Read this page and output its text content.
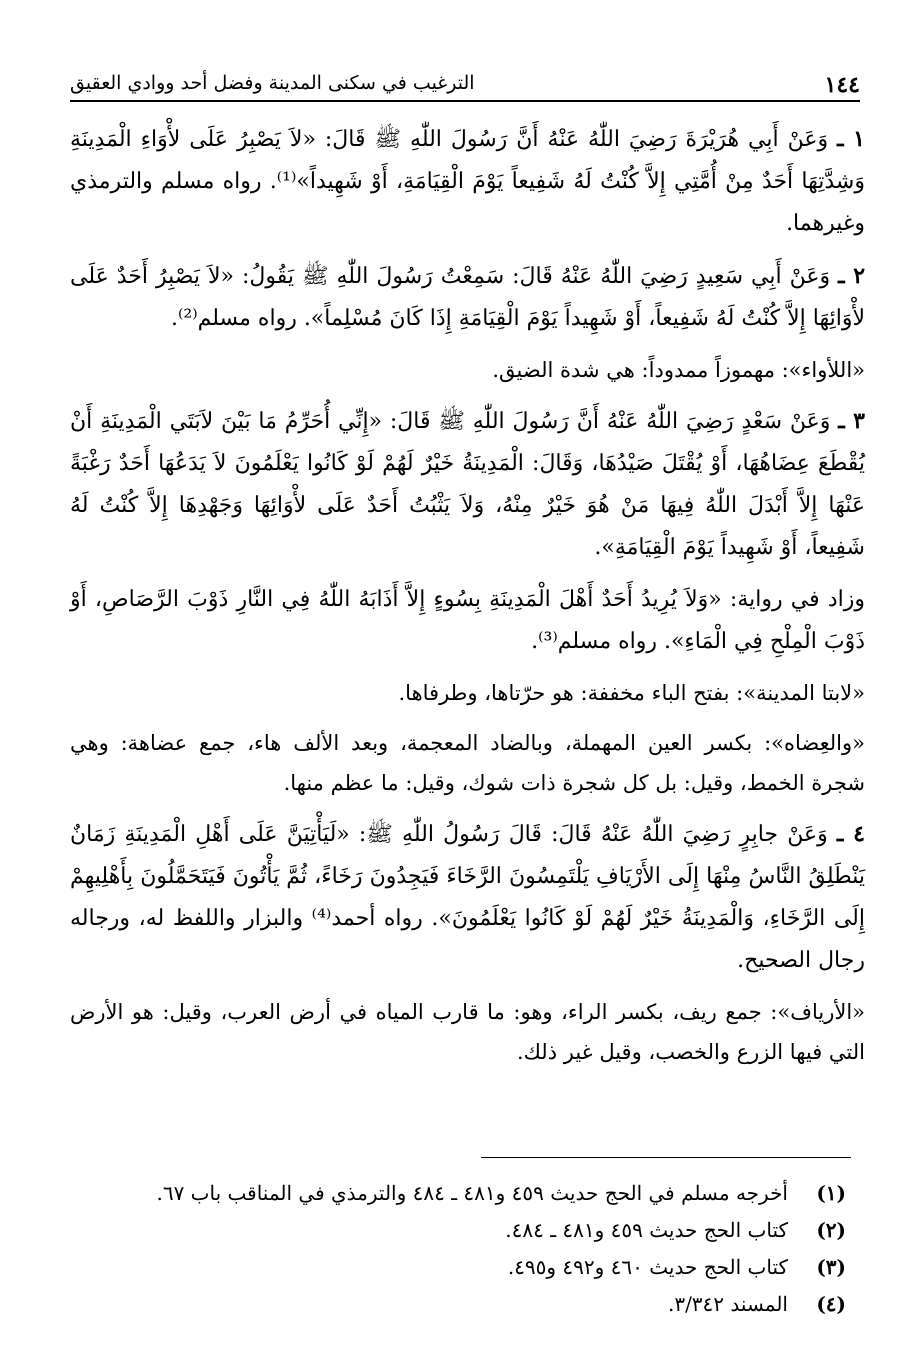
١٤٤
الترغيب في سكنى المدينة وفضل أحد ووادي العقيق

١ ـ وَعَنْ أَبِي هُرَيْرَةَ رَضِيَ اللّٰهُ عَنْهُ أَنَّ رَسُولَ اللّٰهِ ﷺ قَالَ: «لاَ يَصْبِرُ عَلَى لأْوَاءِ الْمَدِينَةِ وَشِدَّتِهَا أَحَدٌ مِنْ أُمَّتِي إِلاَّ كُنْتُ لَهُ شَفِيعاً يَوْمَ الْقِيَامَةِ، أَوْ شَهِيداً»⁽¹⁾. رواه مسلم والترمذي وغيرهما.

٢ ـ وَعَنْ أَبِي سَعِيدٍ رَضِيَ اللّٰهُ عَنْهُ قَالَ: سَمِعْتُ رَسُولَ اللّٰهِ ﷺ يَقُولُ: «لاَ يَصْبِرُ أَحَدٌ عَلَى لأْوَائِهَا إِلاَّ كُنْتُ لَهُ شَفِيعاً، أَوْ شَهِيداً يَوْمَ الْقِيَامَةِ إِذَا كَانَ مُسْلِماً». رواه مسلم⁽²⁾.

«اللأواء»: مهموزاً ممدوداً: هي شدة الضيق.

٣ ـ وَعَنْ سَعْدٍ رَضِيَ اللّٰهُ عَنْهُ أَنَّ رَسُولَ اللّٰهِ ﷺ قَالَ: «إِنِّي أُحَرِّمُ مَا بَيْنَ لاَبَتَي الْمَدِينَةِ أَنْ يُقْطَعَ عِضَاهُهَا، أَوْ يُقْتَلَ صَيْدُهَا، وَقَالَ: الْمَدِينَةُ خَيْرٌ لَهُمْ لَوْ كَانُوا يَعْلَمُونَ لاَ يَدَعُهَا أَحَدٌ رَغْبَةً عَنْهَا إِلاَّ أَبْدَلَ اللّٰهُ فِيهَا مَنْ هُوَ خَيْرٌ مِنْهُ، وَلاَ يَثْبُتُ أَحَدٌ عَلَى لأْوَائِهَا وَجَهْدِهَا إِلاَّ كُنْتُ لَهُ شَفِيعاً، أَوْ شَهِيداً يَوْمَ الْقِيَامَةِ».

وزاد في رواية: «وَلاَ يُرِيدُ أَحَدٌ أَهْلَ الْمَدِينَةِ بِسُوءٍ إِلاَّ أَذَابَهُ اللّٰهُ فِي النَّارِ ذَوْبَ الرَّصَاصِ، أَوْ ذَوْبَ الْمِلْحِ فِي الْمَاءِ». رواه مسلم⁽³⁾.

«لابتا المدينة»: بفتح الباء مخففة: هو حرّتاها، وطرفاها.

«والعِضاه»: بكسر العين المهملة، وبالضاد المعجمة، وبعد الألف هاء، جمع عضاهة: وهي شجرة الخمط، وقيل: بل كل شجرة ذات شوك، وقيل: ما عظم منها.

٤ ـ وَعَنْ جابِرٍ رَضِيَ اللّٰهُ عَنْهُ قَالَ: قَالَ رَسُولُ اللّٰهِ ﷺ: «لَيَأْتِيَنَّ عَلَى أَهْلِ الْمَدِينَةِ زَمَانٌ يَنْطَلِقُ النَّاسُ مِنْهَا إِلَى الأَرْيَافِ يَلْتَمِسُونَ الرَّخَاءَ فَيَجِدُونَ رَخَاءً، ثُمَّ يَأْتُونَ فَيَتَحَمَّلُونَ بِأَهْلِيهِمْ إِلَى الرَّخَاءِ، وَالْمَدِينَةُ خَيْرٌ لَهُمْ لَوْ كَانُوا يَعْلَمُونَ». رواه أحمد⁽⁴⁾ والبزار واللفظ له، ورجاله رجال الصحيح.

«الأرياف»: جمع ريف، بكسر الراء، وهو: ما قارب المياه في أرض العرب، وقيل: هو الأرض التي فيها الزرع والخصب، وقيل غير ذلك.

(١)
أخرجه مسلم في الحج حديث ٤٥٩ و٤٨١ ـ ٤٨٤ والترمذي في المناقب باب ٦٧.
(٢)
كتاب الحج حديث ٤٥٩ و٤٨١ ـ ٤٨٤.
(٣)
كتاب الحج حديث ٤٦٠ و٤٩٢ و٤٩٥.
(٤)
المسند ٣/٣٤٢.
